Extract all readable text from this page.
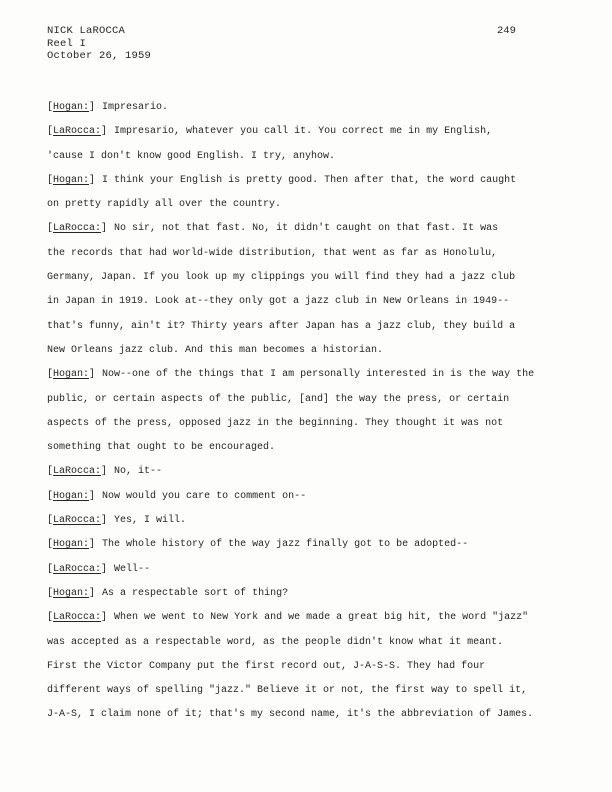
NICK LaROCCA
Reel I
October 26, 1959
249
[ Hogan: ] Impresario.
[ LaRocca: ] Impresario, whatever you call it. You correct me in my English,
'cause I don't know good English. I try, anyhow.
[ Hogan: ] I think your English is pretty good. Then after that, the word caught
on pretty rapidly all over the country.
[ LaRocca: ] No sir, not that fast. No, it didn't caught on that fast. It was
the records that had world-wide distribution, that went as far as Honolulu,
Germany, Japan. If you look up my clippings you will find they had a jazz club
in Japan in 1919. Look at--they only got a jazz club in New Orleans in 1949--
that's funny, ain't it? Thirty years after Japan has a jazz club, they build a
New Orleans jazz club. And this man becomes a historian.
[ Hogan: ] Now--one of the things that I am personally interested in is the way the
public, or certain aspects of the public, [and] the way the press, or certain
aspects of the press, opposed jazz in the beginning. They thought it was not
something that ought to be encouraged.
[ LaRocca: ] No, it--
[ Hogan: ] Now would you care to comment on--
[ LaRocca: ] Yes, I will.
[ Hogan: ] The whole history of the way jazz finally got to be adopted--
[ LaRocca: ] Well--
[ Hogan: ] As a respectable sort of thing?
[ LaRocca: ] When we went to New York and we made a great big hit, the word "jazz"
was accepted as a respectable word, as the people didn't know what it meant.
First the Victor Company put the first record out, J-A-S-S. They had four
different ways of spelling "jazz." Believe it or not, the first way to spell it,
J-A-S, I claim none of it; that's my second name, it's the abbreviation of James.
